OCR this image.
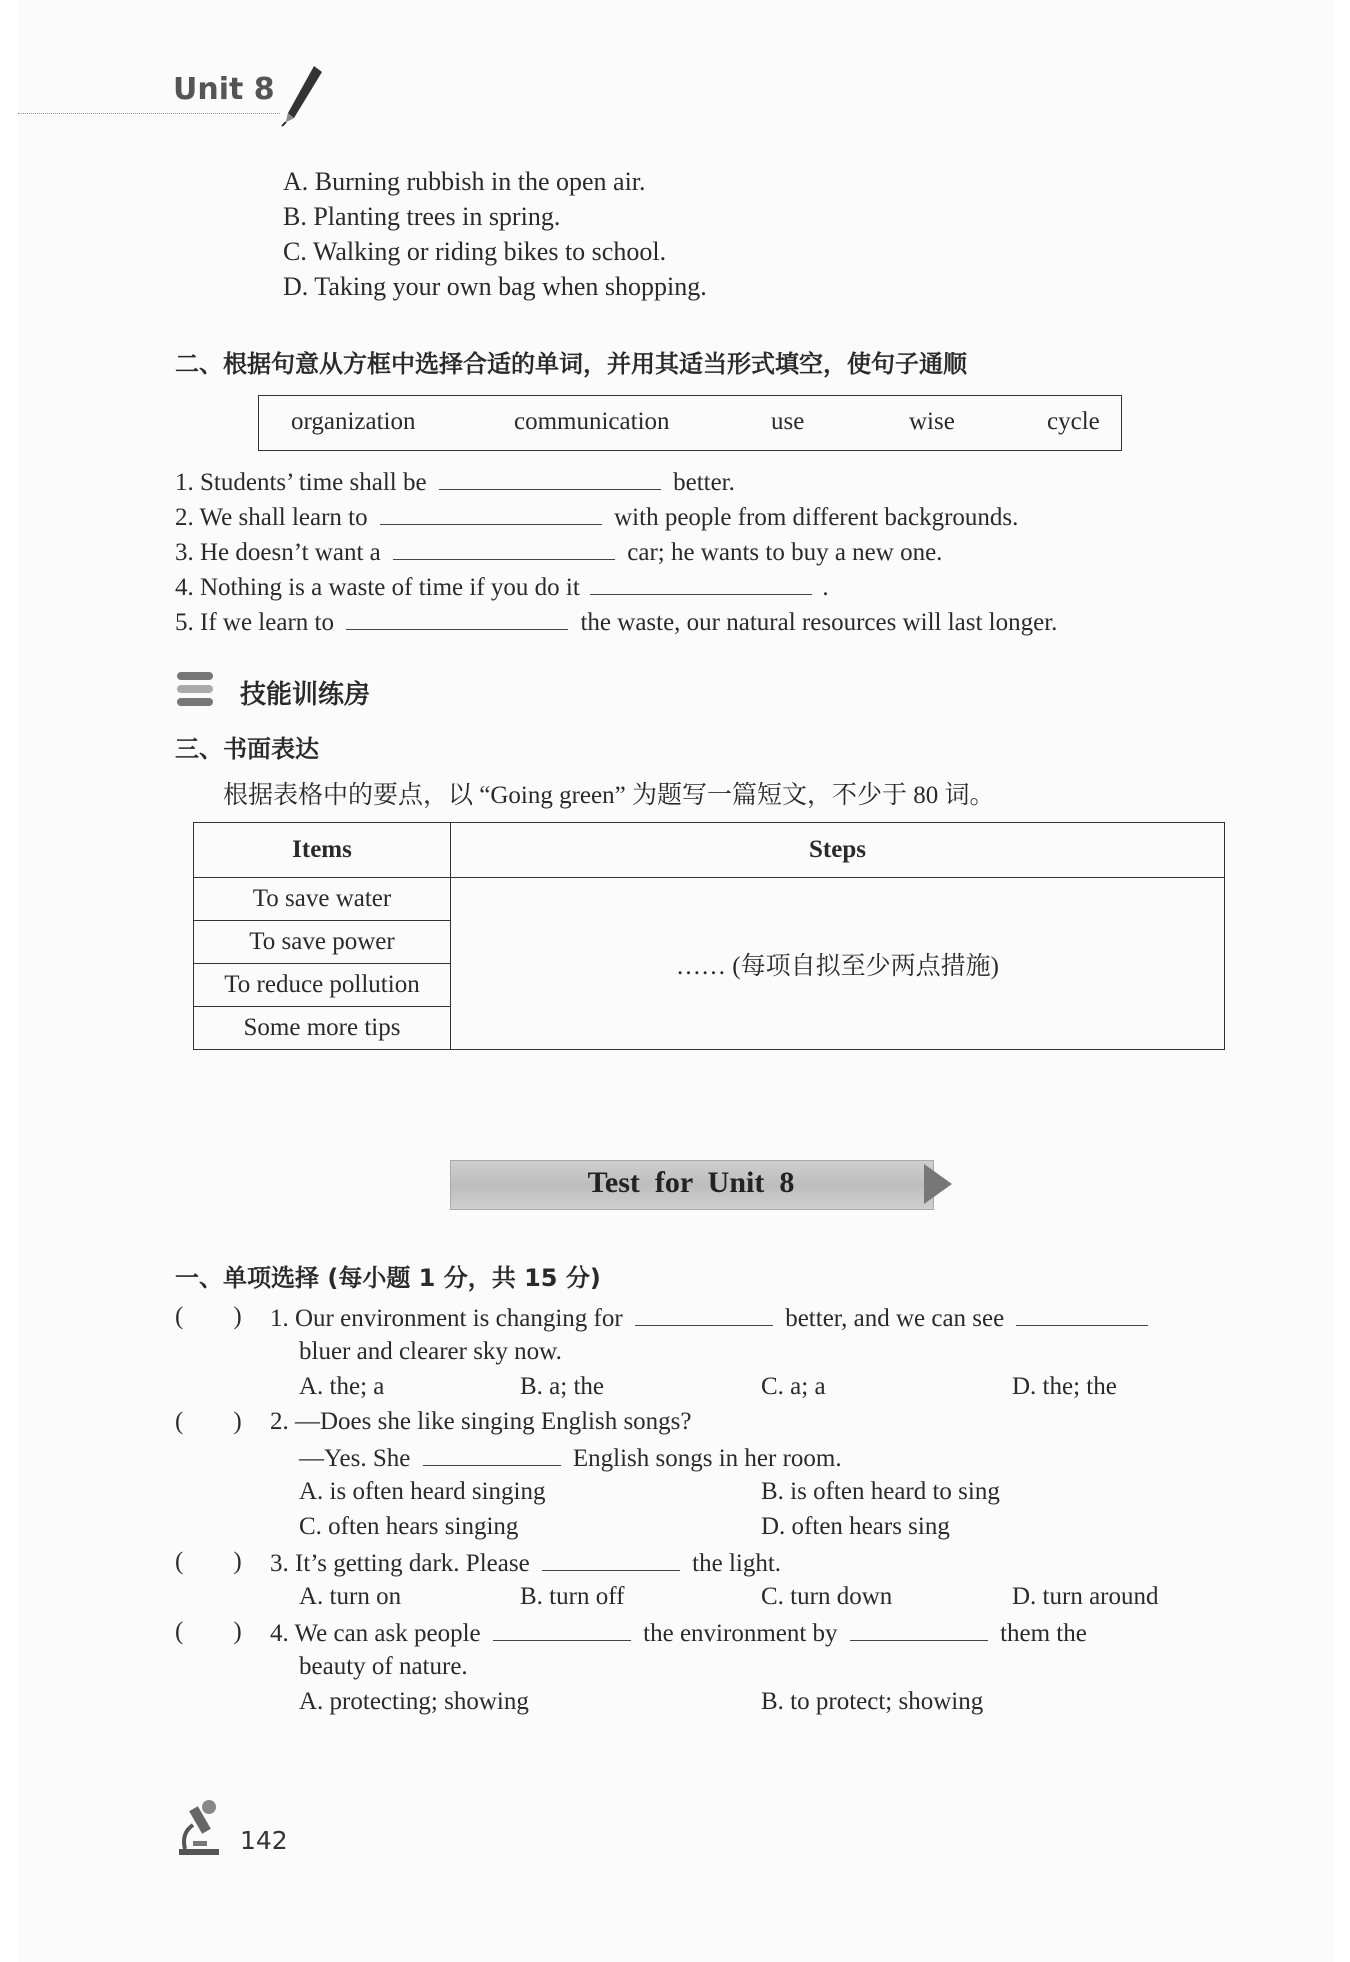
Unit 8
A. Burning rubbish in the open air.
B. Planting trees in spring.
C. Walking or riding bikes to school.
D. Taking your own bag when shopping.
二、根据句意从方框中选择合适的单词，并用其适当形式填空，使句子通顺
organization	communication	use	wise	cycle
1. Students’ time shall be	better.
2. We shall learn to	with people from different backgrounds.
3. He doesn’t want a	car; he wants to buy a new one.
4. Nothing is a waste of time if you do it	.
5. If we learn to	the waste, our natural resources will last longer.
技能训练房
三、书面表达
根据表格中的要点，以 “Going green” 为题写一篇短文，不少于 80 词。
Items	Steps
To save water	…… (每项自拟至少两点措施)
To save power	
To reduce pollution	
Some more tips	
Test  for  Unit  8
一、单项选择 (每小题 1 分，共 15 分)
(        ) 1. Our environment is changing for	better, and we can see
bluer and clearer sky now.
A. the; a	B. a; the	C. a; a	D. the; the
(        ) 2. —Does she like singing English songs?
—Yes. She	English songs in her room.
A. is often heard singing	B. is often heard to sing
C. often hears singing	D. often hears sing
(        ) 3. It’s getting dark. Please	the light.
A. turn on	B. turn off	C. turn down	D. turn around
(        ) 4. We can ask people	the environment by	them the
beauty of nature.
A. protecting; showing	B. to protect; showing
142
